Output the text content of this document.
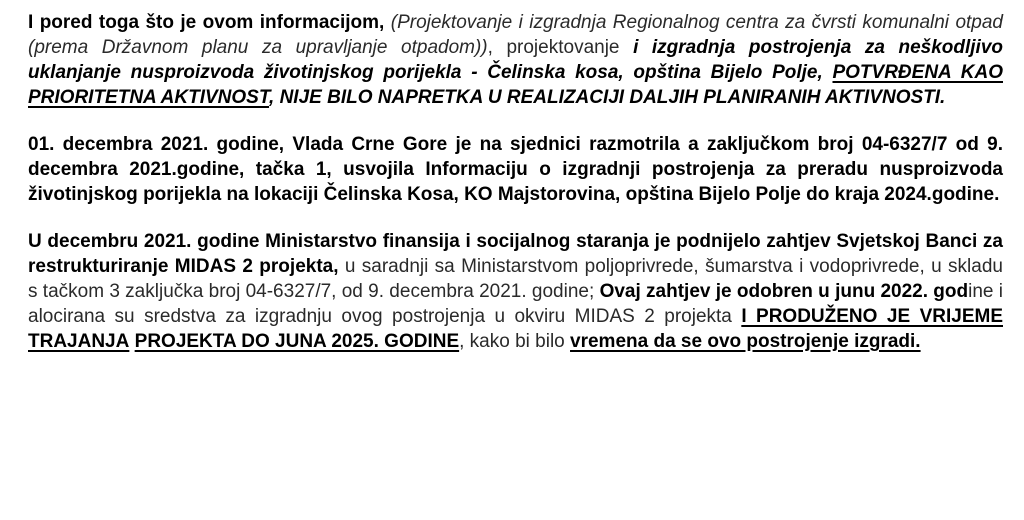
I pored toga što je ovom informacijom, (Projektovanje i izgradnja Regionalnog centra za čvrsti komunalni otpad (prema Državnom planu za upravljanje otpadom)), projektovanje i izgradnja postrojenja za neškodljivo uklanjanje nusproizvoda životinjskog porijekla - Čelinska kosa, opština Bijelo Polje, POTVRĐENA KAO PRIORITETNA AKTIVNOST, NIJE BILO NAPRETKA U REALIZACIJI DALJIH PLANIRANIH AKTIVNOSTI.

01. decembra 2021. godine, Vlada Crne Gore je na sjednici razmotrila a zaključkom broj 04-6327/7 od 9. decembra 2021.godine, tačka 1, usvojila Informaciju o izgradnji postrojenja za preradu nusproizvoda životinjskog porijekla na lokaciji Čelinska Kosa, KO Majstorovina, opština Bijelo Polje do kraja 2024.godine.

U decembru 2021. godine Ministarstvo finansija i socijalnog staranja je podnijelo zahtjev Svjetskoj Banci za restrukturiranje MIDAS 2 projekta, u saradnji sa Ministarstvom poljoprivrede, šumarstva i vodoprivrede, u skladu s tačkom 3 zaključka broj 04-6327/7, od 9. decembra 2021. godine; Ovaj zahtjev je odobren u junu 2022. godine i alocirana su sredstva za izgradnju ovog postrojenja u okviru MIDAS 2 projekta I PRODUŽENO JE VRIJEME TRAJANJA PROJEKTA DO JUNA 2025. GODINE, kako bi bilo vremena da se ovo postrojenje izgradi.
